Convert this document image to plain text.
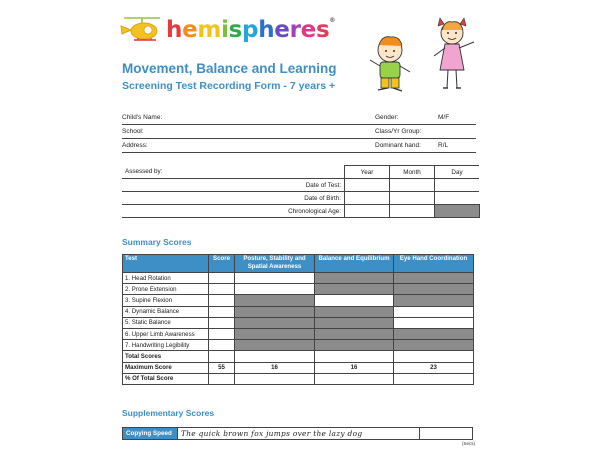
hemispheres®
Movement, Balance and Learning
Screening Test Recording Form - 7 years +
Child's Name:	Gender:	M/F
School:	Class/Yr Group:
Address:	Dominant hand:	R/L
Assessed by:	Year	Month	Day
Date of Test:			
Date of Birth:			
Chronological Age:			
Summary Scores
Test	Score	Posture, Stability and Spatial Awareness	Balance and Equilibrium	Eye Hand Coordination
1. Head Rotation				
2. Prone Extension				
3. Supine Flexion				
4. Dynamic Balance				
5. Static Balance				
6. Upper Limb Awareness				
7. Handwriting Legibility				
Total Scores				
Maximum Score	55	16	16	23
% Of Total Score				
Supplementary Scores
Copying Speed	The quick brown fox jumps over the lazy dog	
(Secs)
